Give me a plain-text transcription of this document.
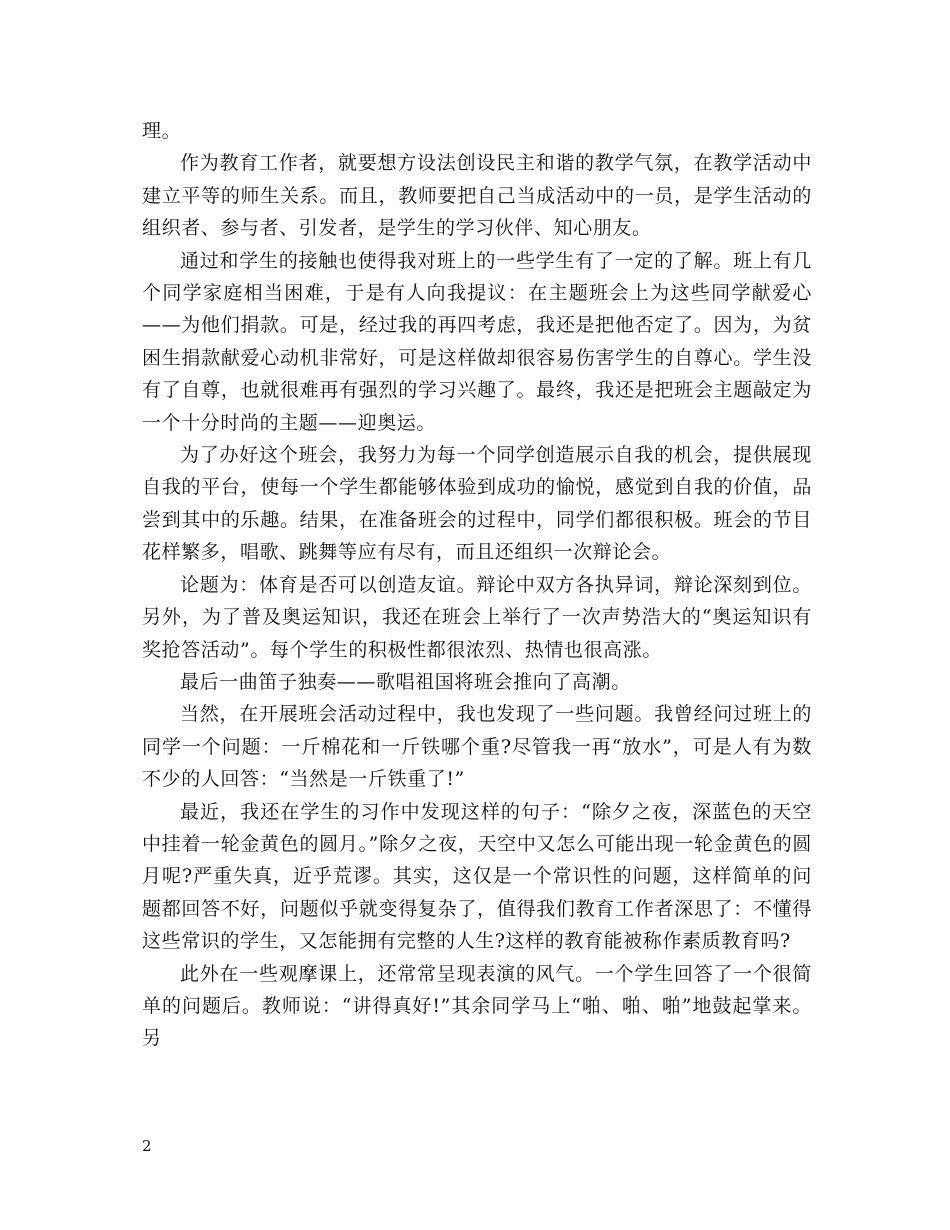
理。

作为教育工作者，就要想方设法创设民主和谐的教学气氛，在教学活动中建立平等的师生关系。而且，教师要把自己当成活动中的一员，是学生活动的组织者、参与者、引发者，是学生的学习伙伴、知心朋友。

通过和学生的接触也使得我对班上的一些学生有了一定的了解。班上有几个同学家庭相当困难，于是有人向我提议：在主题班会上为这些同学献爱心——为他们捐款。可是，经过我的再四考虑，我还是把他否定了。因为，为贫困生捐款献爱心动机非常好，可是这样做却很容易伤害学生的自尊心。学生没有了自尊，也就很难再有强烈的学习兴趣了。最终，我还是把班会主题敲定为一个十分时尚的主题——迎奥运。

为了办好这个班会，我努力为每一个同学创造展示自我的机会，提供展现自我的平台，使每一个学生都能够体验到成功的愉悦，感觉到自我的价值，品尝到其中的乐趣。结果，在准备班会的过程中，同学们都很积极。班会的节目花样繁多，唱歌、跳舞等应有尽有，而且还组织一次辩论会。

论题为：体育是否可以创造友谊。辩论中双方各执异词，辩论深刻到位。另外，为了普及奥运知识，我还在班会上举行了一次声势浩大的“奥运知识有奖抢答活动”。每个学生的积极性都很浓烈、热情也很高涨。

最后一曲笛子独奏——歌唱祖国将班会推向了高潮。

当然，在开展班会活动过程中，我也发现了一些问题。我曾经问过班上的同学一个问题：一斤棉花和一斤铁哪个重?尽管我一再“放水”，可是人有为数不少的人回答：“当然是一斤铁重了!”

最近，我还在学生的习作中发现这样的句子：“除夕之夜，深蓝色的天空中挂着一轮金黄色的圆月。”除夕之夜，天空中又怎么可能出现一轮金黄色的圆月呢?严重失真，近乎荒谬。其实，这仅是一个常识性的问题，这样简单的问题都回答不好，问题似乎就变得复杂了，值得我们教育工作者深思了：不懂得这些常识的学生，又怎能拥有完整的人生?这样的教育能被称作素质教育吗?

此外在一些观摩课上，还常常呈现表演的风气。一个学生回答了一个很简单的问题后。教师说：“讲得真好!”其余同学马上“啪、啪、啪”地鼓起掌来。另

2
